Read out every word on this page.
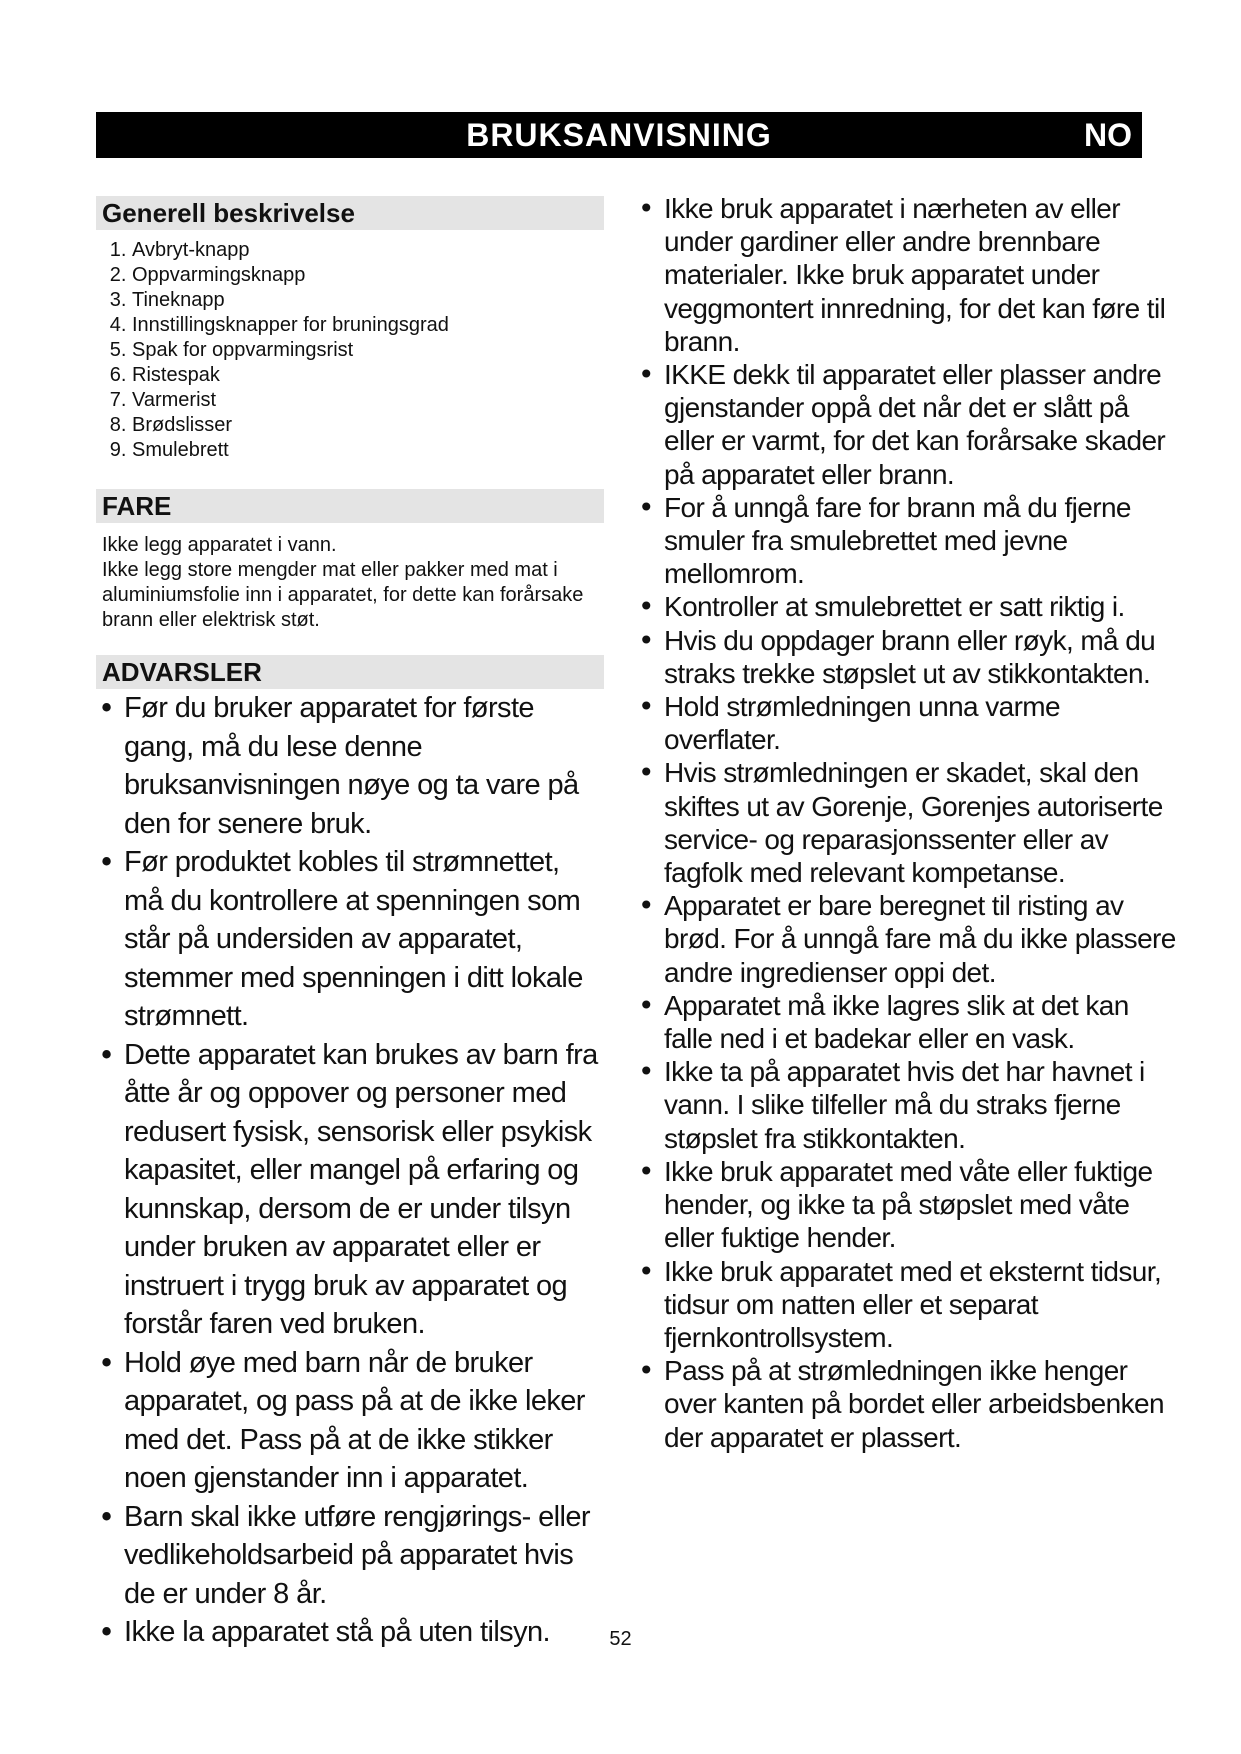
BRUKSANVISNING	NO
Generell beskrivelse
1. Avbryt-knapp
2. Oppvarmingsknapp
3. Tineknapp
4. Innstillingsknapper for bruningsgrad
5. Spak for oppvarmingsrist
6. Ristespak
7. Varmerist
8. Brødslisser
9. Smulebrett
FARE

Ikke legg apparatet i vann.

Ikke legg store mengder mat eller pakker med mat i aluminiumsfolie inn i apparatet, for dette kan forårsake brann eller elektrisk støt.

ADVARSLER
• Før du bruker apparatet for første gang, må du lese denne bruksanvisningen nøye og ta vare på den for senere bruk.
• Før produktet kobles til strømnettet, må du kontrollere at spenningen som står på undersiden av apparatet, stemmer med spenningen i ditt lokale strømnett.
• Dette apparatet kan brukes av barn fra åtte år og oppover og personer med redusert fysisk, sensorisk eller psykisk kapasitet, eller mangel på erfaring og kunnskap, dersom de er under tilsyn under bruken av apparatet eller er instruert i trygg bruk av apparatet og forstår faren ved bruken.
• Hold øye med barn når de bruker apparatet, og pass på at de ikke leker med det. Pass på at de ikke stikker noen gjenstander inn i apparatet.
• Barn skal ikke utføre rengjørings- eller vedlikeholdsarbeid på apparatet hvis de er under 8 år.
• Ikke la apparatet stå på uten tilsyn.
• Ikke bruk apparatet i nærheten av eller under gardiner eller andre brennbare materialer. Ikke bruk apparatet under veggmontert innredning, for det kan føre til brann.
• IKKE dekk til apparatet eller plasser andre gjenstander oppå det når det er slått på eller er varmt, for det kan forårsake skader på apparatet eller brann.
• For å unngå fare for brann må du fjerne smuler fra smulebrettet med jevne mellomrom.
• Kontroller at smulebrettet er satt riktig i.
• Hvis du oppdager brann eller røyk, må du straks trekke støpslet ut av stikkontakten.
• Hold strømledningen unna varme overflater.
• Hvis strømledningen er skadet, skal den skiftes ut av Gorenje, Gorenjes autoriserte service- og reparasjonssenter eller av fagfolk med relevant kompetanse.
• Apparatet er bare beregnet til risting av brød. For å unngå fare må du ikke plassere andre ingredienser oppi det.
• Apparatet må ikke lagres slik at det kan falle ned i et badekar eller en vask.
• Ikke ta på apparatet hvis det har havnet i vann. I slike tilfeller må du straks fjerne støpslet fra stikkontakten.
• Ikke bruk apparatet med våte eller fuktige hender, og ikke ta på støpslet med våte eller fuktige hender.
• Ikke bruk apparatet med et eksternt tidsur, tidsur om natten eller et separat fjernkontrollsystem.
• Pass på at strømledningen ikke henger over kanten på bordet eller arbeidsbenken der apparatet er plassert.
52
